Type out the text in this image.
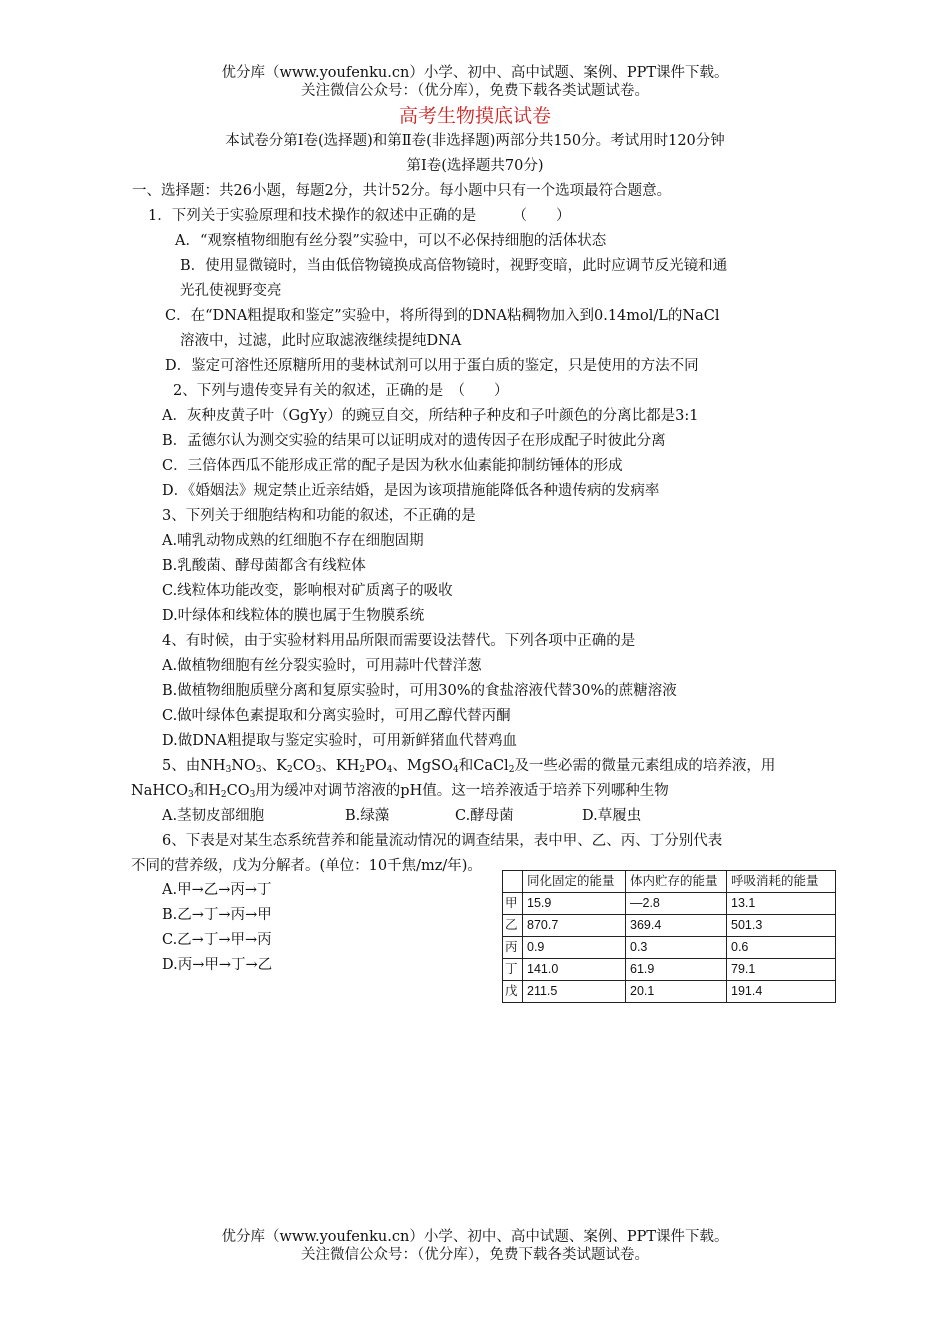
优分库（www.youfenku.cn）小学、初中、高中试题、案例、PPT课件下载。
关注微信公众号：（优分库），免费下载各类试题试卷。
高考生物摸底试卷
本试卷分第Ⅰ卷(选择题)和第Ⅱ卷(非选择题)两部分共150分。考试用时120分钟
第Ⅰ卷(选择题共70分)
一、选择题：共26小题，每题2分，共计52分。每小题中只有一个选项最符合题意。
1．下列关于实验原理和技术操作的叙述中正确的是　　　（　　）
A．“观察植物细胞有丝分裂”实验中，可以不必保持细胞的活体状态
B．使用显微镜时，当由低倍物镜换成高倍物镜时，视野变暗，此时应调节反光镜和通
光孔使视野变亮
C．在“DNA粗提取和鉴定”实验中，将所得到的DNA粘稠物加入到0.14mol/L的NaCl
溶液中，过滤，此时应取滤液继续提纯DNA
D．鉴定可溶性还原糖所用的斐林试剂可以用于蛋白质的鉴定，只是使用的方法不同
2、下列与遗传变异有关的叙述，正确的是　（　　）
A．灰种皮黄子叶（GgYy）的豌豆自交，所结种子种皮和子叶颜色的分离比都是3:1
B．孟德尔认为测交实验的结果可以证明成对的遗传因子在形成配子时彼此分离
C．三倍体西瓜不能形成正常的配子是因为秋水仙素能抑制纺锤体的形成
D．《婚姻法》规定禁止近亲结婚，是因为该项措施能降低各种遗传病的发病率
3、下列关于细胞结构和功能的叙述，不正确的是
A.哺乳动物成熟的红细胞不存在细胞固期
B.乳酸菌、酵母菌都含有线粒体
C.线粒体功能改变，影响根对矿质离子的吸收
D.叶绿体和线粒体的膜也属于生物膜系统
4、有时候，由于实验材料用品所限而需要设法替代。下列各项中正确的是
A.做植物细胞有丝分裂实验时，可用蒜叶代替洋葱
B.做植物细胞质壁分离和复原实验时，可用30%的食盐溶液代替30%的蔗糖溶液
C.做叶绿体色素提取和分离实验时，可用乙醇代替丙酮
D.做DNA粗提取与鉴定实验时，可用新鲜猪血代替鸡血
5、由$NH_3NO_3$、$K_2CO_3$、$KH_2PO_4$、MgSO$_4$和CaCl$_2$及一些必需的微量元素组成的培养液，用
NaHCO$_3$和$H_2CO_3$用为缓冲对调节溶液的pH值。这一培养液适于培养下列哪种生物
A.茎韧皮部细胞	B.绿藻	C.酵母菌	D.草履虫
6、下表是对某生态系统营养和能量流动情况的调查结果，表中甲、乙、丙、丁分别代表
不同的营养级，戊为分解者。(单位：10千焦/mz/年)。
A.甲→乙→丙→丁
B.乙→丁→丙→甲
C.乙→丁→甲→丙
D.丙→甲→丁→乙
	同化固定的能量	体内贮存的能量	呼吸消耗的能量
甲	15.9	—2.8	13.1
乙	870.7	369.4	501.3
丙	0.9	0.3	0.6
丁	141.0	61.9	79.1
戊	211.5	20.1	191.4
优分库（www.youfenku.cn）小学、初中、高中试题、案例、PPT课件下载。
关注微信公众号：（优分库），免费下载各类试题试卷。
